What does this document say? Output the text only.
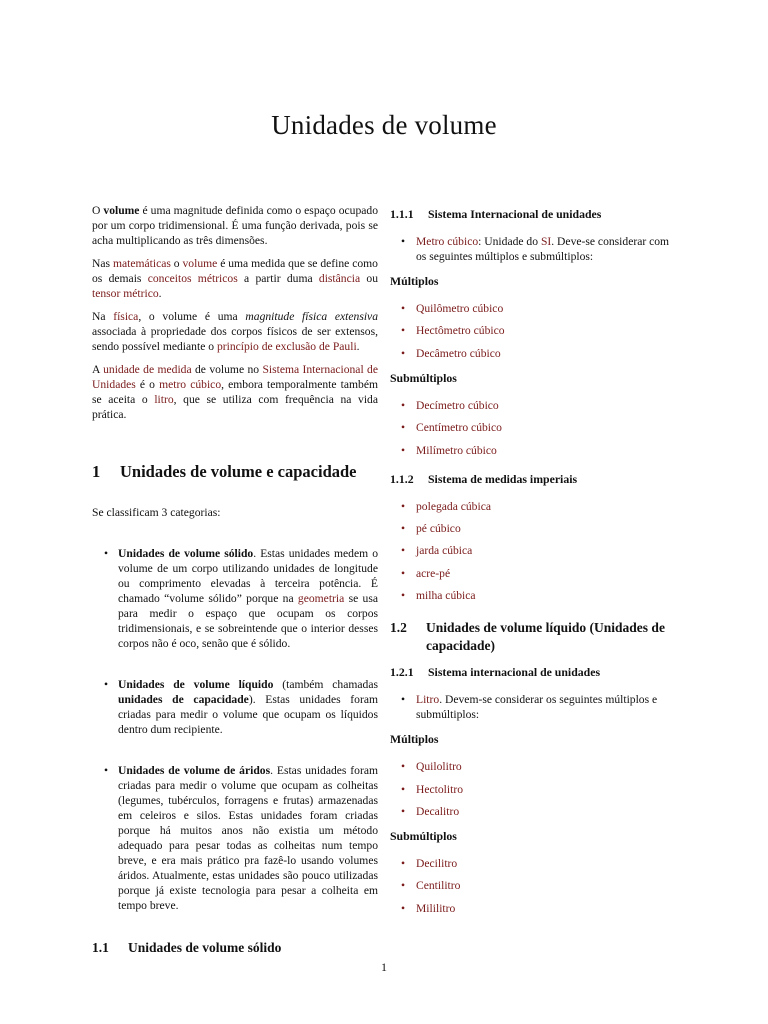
Unidades de volume

O volume é uma magnitude definida como o espaço ocupado por um corpo tridimensional. É uma função derivada, pois se acha multiplicando as três dimensões.

Nas matemáticas o volume é uma medida que se define como os demais conceitos métricos a partir duma distância ou tensor métrico.

Na física, o volume é uma magnitude física extensiva associada à propriedade dos corpos físicos de ser extensos, sendo possível mediante o princípio de exclusão de Pauli.

A unidade de medida de volume no Sistema Internacional de Unidades é o metro cúbico, embora temporalmente também se aceita o litro, que se utiliza com frequência na vida prática.

1	Unidades de volume e capacidade

Se classificam 3 categorias:

• Unidades de volume sólido. Estas unidades medem o volume de um corpo utilizando unidades de longitude ou comprimento elevadas à terceira potência. É chamado “volume sólido” porque na geometria se usa para medir o espaço que ocupam os corpos tridimensionais, e se sobreintende que o interior desses corpos não é oco, senão que é sólido.
• Unidades de volume líquido (também chamadas unidades de capacidade). Estas unidades foram criadas para medir o volume que ocupam os líquidos dentro dum recipiente.
• Unidades de volume de áridos. Estas unidades foram criadas para medir o volume que ocupam as colheitas (legumes, tubérculos, forragens e frutas) armazenadas em celeiros e silos. Estas unidades foram criadas porque há muitos anos não existia um método adequado para pesar todas as colheitas num tempo breve, e era mais prático pra fazê-lo usando volumes áridos. Atualmente, estas unidades são pouco utilizadas porque já existe tecnologia para pesar a colheita em tempo breve.
1.1	Unidades de volume sólido
1.1.1	Sistema Internacional de unidades
• Metro cúbico: Unidade do SI. Deve-se considerar com os seguintes múltiplos e submúltiplos:
Múltiplos
• Quilômetro cúbico
• Hectômetro cúbico
• Decâmetro cúbico
Submúltiplos
• Decímetro cúbico
• Centímetro cúbico
• Milímetro cúbico
1.1.2	Sistema de medidas imperiais
• polegada cúbica
• pé cúbico
• jarda cúbica
• acre-pé
• milha cúbica
1.2	Unidades de volume líquido (Unidades de capacidade)
1.2.1	Sistema internacional de unidades
• Litro. Devem-se considerar os seguintes múltiplos e submúltiplos:
Múltiplos
• Quilolitro
• Hectolitro
• Decalitro
Submúltiplos
• Decilitro
• Centilitro
• Mililitro
1
